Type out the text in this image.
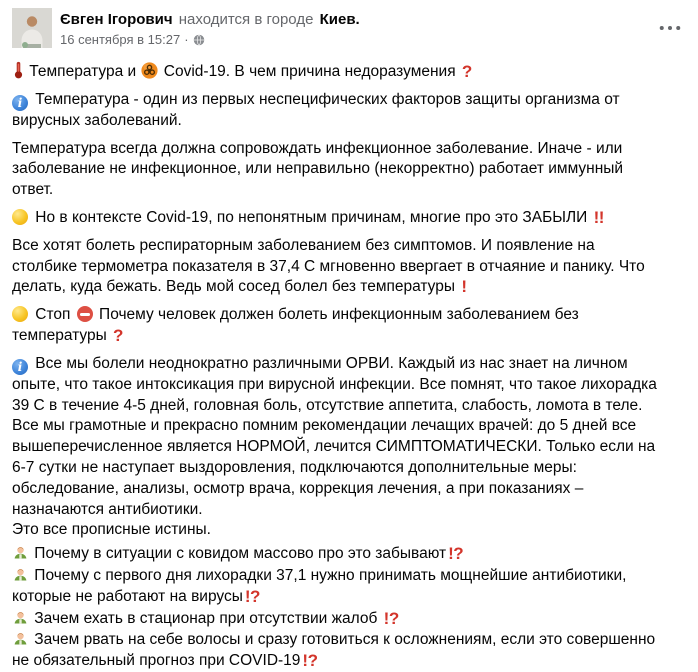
Євген Ігорович находится в городе Киев.
16 сентября в 15:27 ·

Температура и
Covid-19. В чем причина недоразумения ?

i Температура - один из первых неспецифических факторов защиты организма от вирусных заболеваний.

Температура всегда должна сопровождать инфекционное заболевание. Иначе - или заболевание не инфекционное, или неправильно (некорректно) работает иммунный ответ.

Но в контексте Covid-19, по непонятным причинам, многие про это ЗАБЫЛИ !!

Все хотят болеть респираторным заболеванием без симптомов. И появление на столбике термометра показателя в 37,4 С мгновенно ввергает в отчаяние и панику. Что делать, куда бежать. Ведь мой сосед болел без температуры !

Стоп  Почему человек должен болеть инфекционным заболеванием без температуры ?

i Все мы болели неоднократно различными ОРВИ. Каждый из нас знает на личном опыте, что такое интоксикация при вирусной инфекции. Все помнят, что такое лихорадка 39 С в течение 4-5 дней, головная боль, отсутствие аппетита, слабость, ломота в теле. Все мы грамотные и прекрасно помним рекомендации лечащих врачей: до 5 дней все вышеперечисленное является НОРМОЙ, лечится СИМПТОМАТИЧЕСКИ. Только если на 6-7 сутки не наступает выздоровления, подключаются дополнительные меры: обследование, анализы, осмотр врача, коррекция лечения, а при показаниях – назначаются антибиотики.
Это все прописные истины.

Почему в ситуации с ковидом массово про это забывают!?

Почему с первого дня лихорадки 37,1 нужно принимать мощнейшие антибиотики, которые не работают на вирусы!?

Зачем ехать в стационар при отсутствии жалоб !?

Зачем рвать на себе волосы и сразу готовиться к осложнениям, если это совершенно не обязательный прогноз при COVID-19!?
